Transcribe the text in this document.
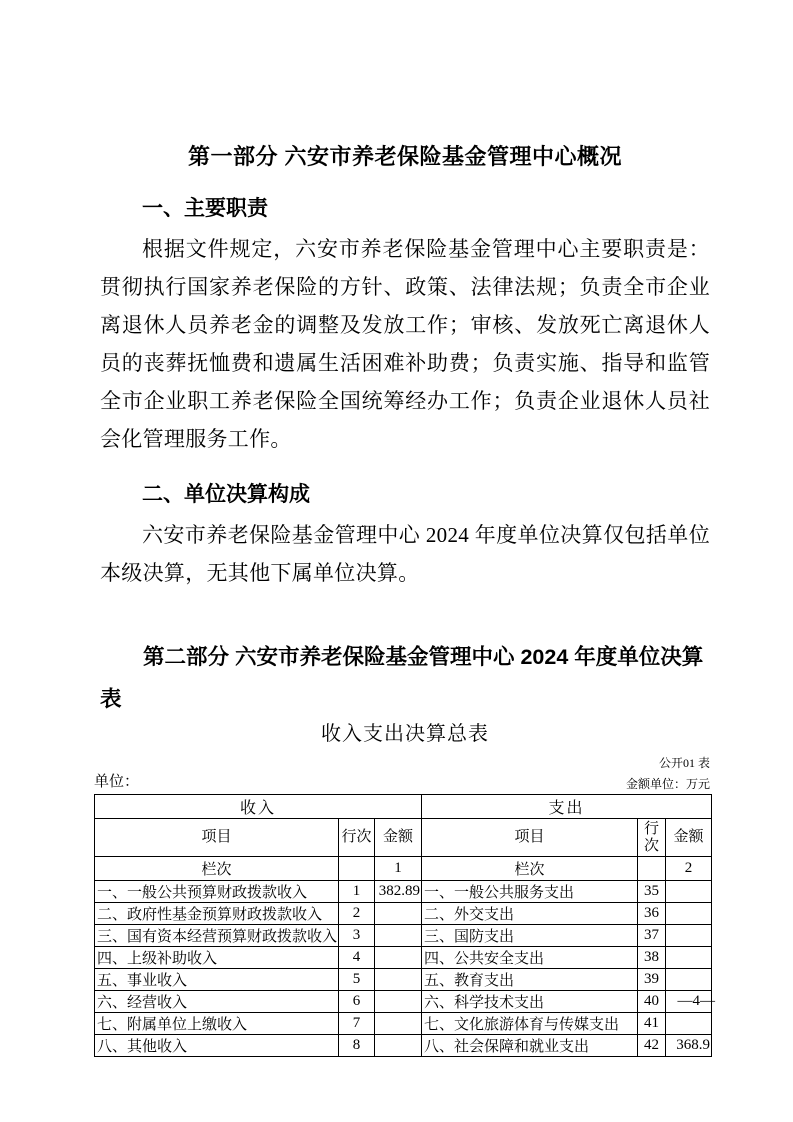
第一部分 六安市养老保险基金管理中心概况
一、主要职责

根据文件规定，六安市养老保险基金管理中心主要职责是：贯彻执行国家养老保险的方针、政策、法律法规；负责全市企业离退休人员养老金的调整及发放工作；审核、发放死亡离退休人员的丧葬抚恤费和遗属生活困难补助费；负责实施、指导和监管全市企业职工养老保险全国统筹经办工作；负责企业退休人员社会化管理服务工作。

二、单位决算构成

六安市养老保险基金管理中心 2024 年度单位决算仅包括单位本级决算，无其他下属单位决算。

第二部分 六安市养老保险基金管理中心 2024 年度单位决算
表
收入支出决算总表
公开01 表
单位：	金额单位：万元
收入			支出		
项目	行次	金额	项目	行次	金额
栏次		1	栏次		2
一、一般公共预算财政拨款收入	1	382.89	一、一般公共服务支出	35	
二、政府性基金预算财政拨款收入	2		二、外交支出	36	
三、国有资本经营预算财政拨款收入	3		三、国防支出	37	
四、上级补助收入	4		四、公共安全支出	38	
五、事业收入	5		五、教育支出	39	
六、经营收入	6		六、科学技术支出	40	
七、附属单位上缴收入	7		七、文化旅游体育与传媒支出	41	
八、其他收入	8		八、社会保障和就业支出	42	368.9
—4—
